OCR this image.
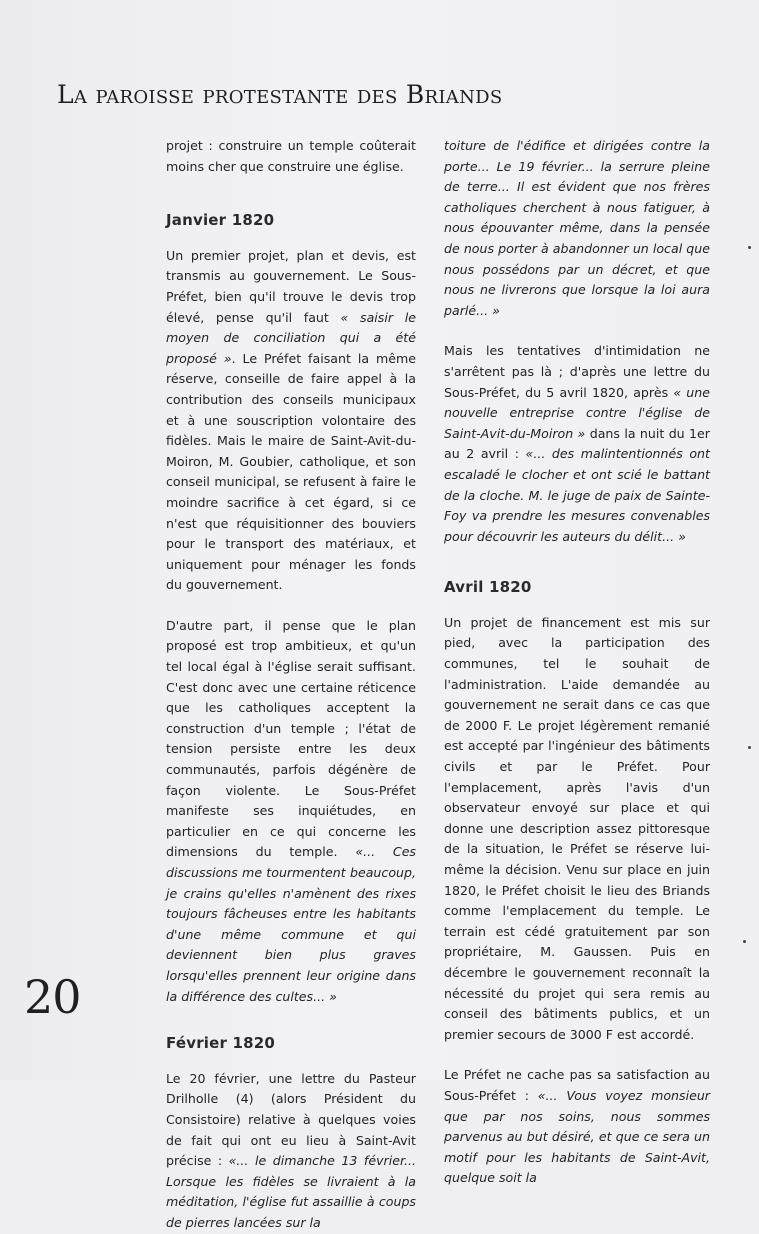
La paroisse protestante des Briands

projet : construire un temple coûterait moins cher que construire une église.

Janvier 1820

Un premier projet, plan et devis, est transmis au gouvernement. Le Sous-Préfet, bien qu'il trouve le devis trop élevé, pense qu'il faut « saisir le moyen de conciliation qui a été proposé ». Le Préfet faisant la même réserve, conseille de faire appel à la contribution des conseils municipaux et à une souscription volontaire des fidèles. Mais le maire de Saint-Avit-du-Moiron, M. Goubier, catholique, et son conseil municipal, se refusent à faire le moindre sacrifice à cet égard, si ce n'est que réquisitionner des bouviers pour le transport des matériaux, et uniquement pour ménager les fonds du gouvernement.

D'autre part, il pense que le plan proposé est trop ambitieux, et qu'un tel local égal à l'église serait suffisant. C'est donc avec une certaine réticence que les catholiques acceptent la construction d'un temple ; l'état de tension persiste entre les deux communautés, parfois dégénère de façon violente. Le Sous-Préfet manifeste ses inquiétudes, en particulier en ce qui concerne les dimensions du temple. «... Ces discussions me tourmentent beaucoup, je crains qu'elles n'amènent des rixes toujours fâcheuses entre les habitants d'une même commune et qui deviennent bien plus graves lorsqu'elles prennent leur origine dans la différence des cultes... »

Février 1820

Le 20 février, une lettre du Pasteur Drilholle (4) (alors Président du Consistoire) relative à quelques voies de fait qui ont eu lieu à Saint-Avit précise : «... le dimanche 13 février... Lorsque les fidèles se livraient à la méditation, l'église fut assaillie à coups de pierres lancées sur la

toiture de l'édifice et dirigées contre la porte... Le 19 février... la serrure pleine de terre... Il est évident que nos frères catholiques cherchent à nous fatiguer, à nous épouvanter même, dans la pensée de nous porter à abandonner un local que nous possédons par un décret, et que nous ne livrerons que lorsque la loi aura parlé... »

Mais les tentatives d'intimidation ne s'arrêtent pas là ; d'après une lettre du Sous-Préfet, du 5 avril 1820, après « une nouvelle entreprise contre l'église de Saint-Avit-du-Moiron » dans la nuit du 1er au 2 avril : «... des malintentionnés ont escaladé le clocher et ont scié le battant de la cloche. M. le juge de paix de Sainte-Foy va prendre les mesures convenables pour découvrir les auteurs du délit... »

Avril 1820

Un projet de financement est mis sur pied, avec la participation des communes, tel le souhait de l'administration. L'aide demandée au gouvernement ne serait dans ce cas que de 2000 F. Le projet légèrement remanié est accepté par l'ingénieur des bâtiments civils et par le Préfet. Pour l'emplacement, après l'avis d'un observateur envoyé sur place et qui donne une description assez pittoresque de la situation, le Préfet se réserve lui-même la décision. Venu sur place en juin 1820, le Préfet choisit le lieu des Briands comme l'emplacement du temple. Le terrain est cédé gratuitement par son propriétaire, M. Gaussen. Puis en décembre le gouvernement reconnaît la nécessité du projet qui sera remis au conseil des bâtiments publics, et un premier secours de 3000 F est accordé.

Le Préfet ne cache pas sa satisfaction au Sous-Préfet : «... Vous voyez monsieur que par nos soins, nous sommes parvenus au but désiré, et que ce sera un motif pour les habitants de Saint-Avit, quelque soit la

20
